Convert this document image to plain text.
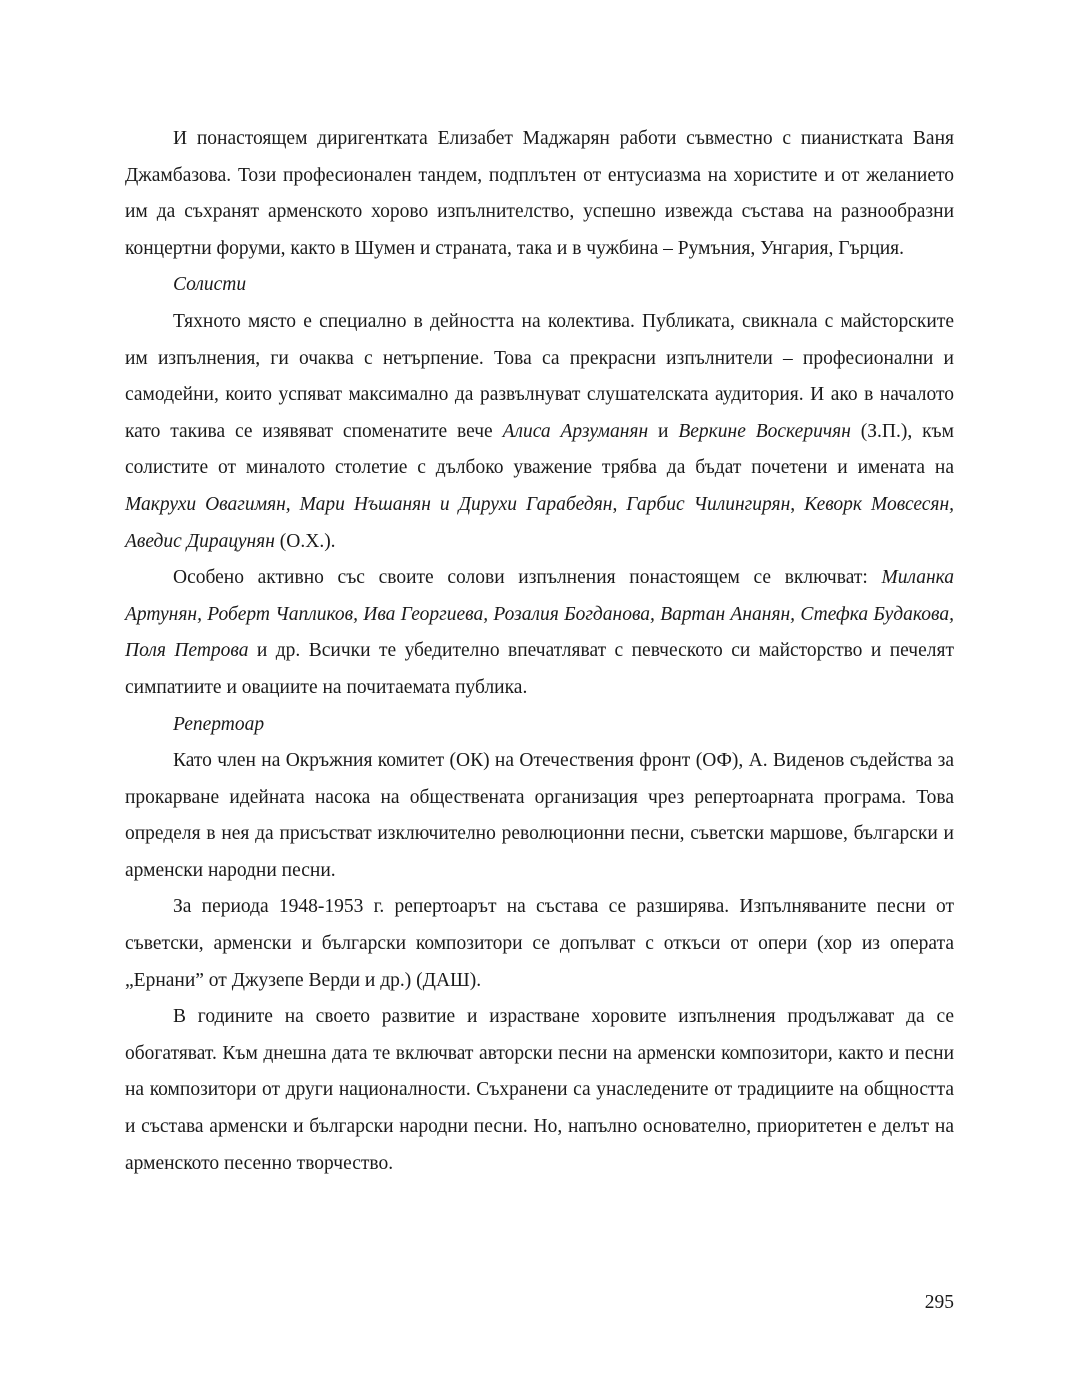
И понастоящем диригентката Елизабет Маджарян работи съвместно с пианистката Ваня Джамбазова. Този професионален тандем, подплътен от ентусиазма на хористите и от желанието им да съхранят арменското хорово изпълнителство, успешно извежда състава на разнообразни концертни форуми, както в Шумен и страната, така и в чужбина – Румъния, Унгария, Гърция.

Солисти

Тяхното място е специално в дейността на колектива. Публиката, свикнала с майсторските им изпълнения, ги очаква с нетърпение. Това са прекрасни изпълнители – професионални и самодейни, които успяват максимално да развълнуват слушателската аудитория. И ако в началото като такива се изявяват споменатите вече Алиса Арзуманян и Веркине Воскеричян (З.П.), към солистите от миналото столетие с дълбоко уважение трябва да бъдат почетени и имената на Макрухи Овагимян, Мари Нъшанян и Дирухи Гарабедян, Гарбис Чилингирян, Кеворк Мовсесян, Аведис Дирацунян (О.Х.).

Особено активно със своите солови изпълнения понастоящем се включват: Миланка Артунян, Роберт Чапликов, Ива Георгиева, Розалия Богданова, Вартан Ананян, Стефка Будакова, Поля Петрова и др. Всички те убедително впечатляват с певческото си майсторство и печелят симпатиите и овациите на почитаемата публика.

Репертоар

Като член на Окръжния комитет (ОК) на Отечествения фронт (ОФ), А. Виденов съдейства за прокарване идейната насока на обществената организация чрез репертоарната програма. Това определя в нея да присъстват изключително революционни песни, съветски маршове, български и арменски народни песни.

За периода 1948-1953 г. репертоарът на състава се разширява. Изпълняваните песни от съветски, арменски и български композитори се допълват с откъси от опери (хор из операта „Ернани” от Джузепе Верди и др.) (ДАШ).

В годините на своето развитие и израстване хоровите изпълнения продължават да се обогатяват. Към днешна дата те включват авторски песни на арменски композитори, както и песни на композитори от други националности. Съхранени са унаследените от традициите на общността и състава арменски и български народни песни. Но, напълно основателно, приоритетен е делът на арменското песенно творчество.

295
